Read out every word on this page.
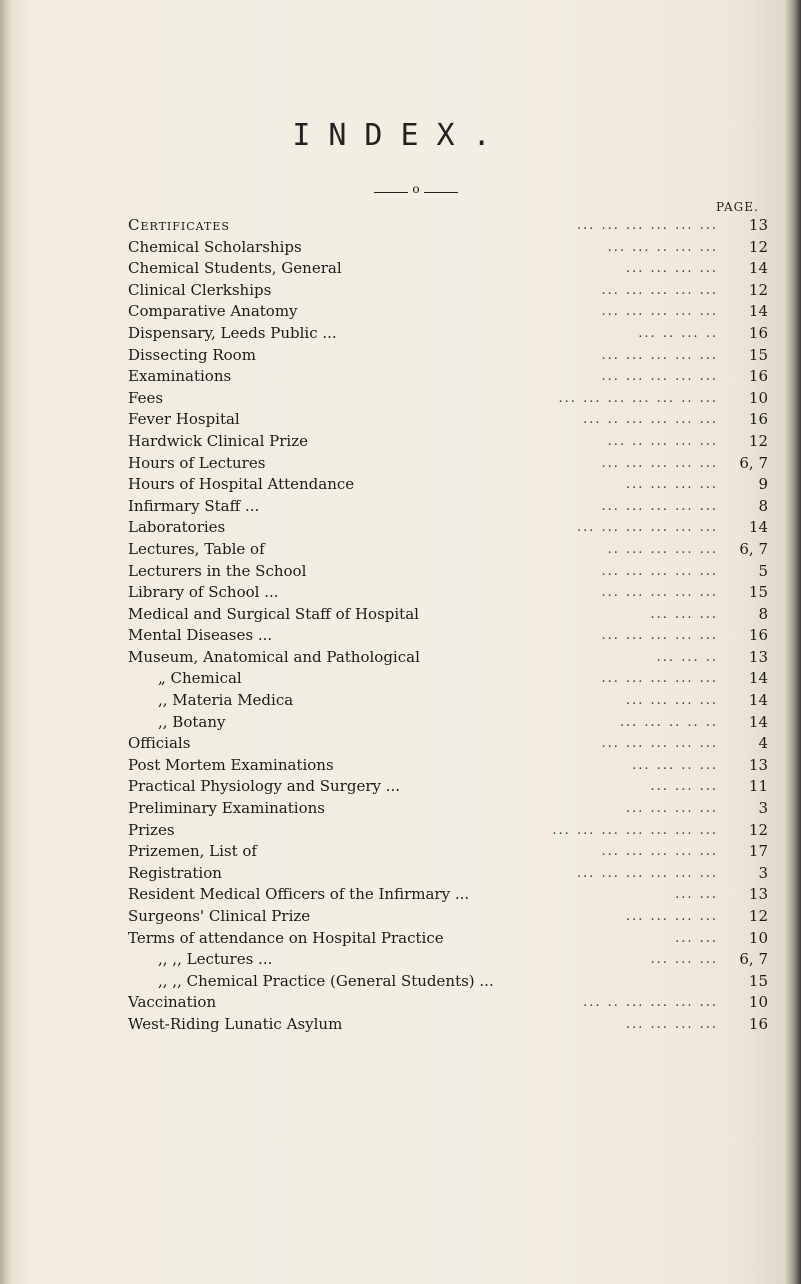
INDEX.
o
PAGE.
Certificates	... ... ... ... ... ...	13
Chemical Scholarships	... ... .. ... ...	12
Chemical Students, General	... ... ... ...	14
Clinical Clerkships	... ... ... ... ...	12
Comparative Anatomy	... ... ... ... ...	14
Dispensary, Leeds Public ...	... .. ... ..	16
Dissecting Room	... ... ... ... ...	15
Examinations	... ... ... ... ...	16
Fees	... ... ... ... ... .. ...	10
Fever Hospital	... .. ... ... ... ...	16
Hardwick Clinical Prize	... .. ... ... ...	12
Hours of Lectures	... ... ... ... ...	6, 7
Hours of Hospital Attendance	... ... ... ...	9
Infirmary Staff ...	... ... ... ... ...	8
Laboratories	... ... ... ... ... ...	14
Lectures, Table of	.. ... ... ... ...	6, 7
Lecturers in the School	... ... ... ... ...	5
Library of School ...	... ... ... ... ...	15
Medical and Surgical Staff of Hospital	... ... ...	8
Mental Diseases ...	... ... ... ... ...	16
Museum, Anatomical and Pathological	... ... ..	13
„ Chemical	... ... ... ... ...	14
,, Materia Medica	... ... ... ...	14
,, Botany	... ... .. .. ..	14
Officials	... ... ... ... ...	4
Post Mortem Examinations	... ... .. ...	13
Practical Physiology and Surgery ...	... ... ...	11
Preliminary Examinations	... ... ... ...	3
Prizes	... ... ... ... ... ... ...	12
Prizemen, List of	... ... ... ... ...	17
Registration	... ... ... ... ... ...	3
Resident Medical Officers of the Infirmary ...	... ...	13
Surgeons' Clinical Prize	... ... ... ...	12
Terms of attendance on Hospital Practice	... ...	10
,, ,, Lectures ...	... ... ...	6, 7
,, ,, Chemical Practice (General Students) ...	15
Vaccination	... .. ... ... ... ...	10
West-Riding Lunatic Asylum	... ... ... ...	16
